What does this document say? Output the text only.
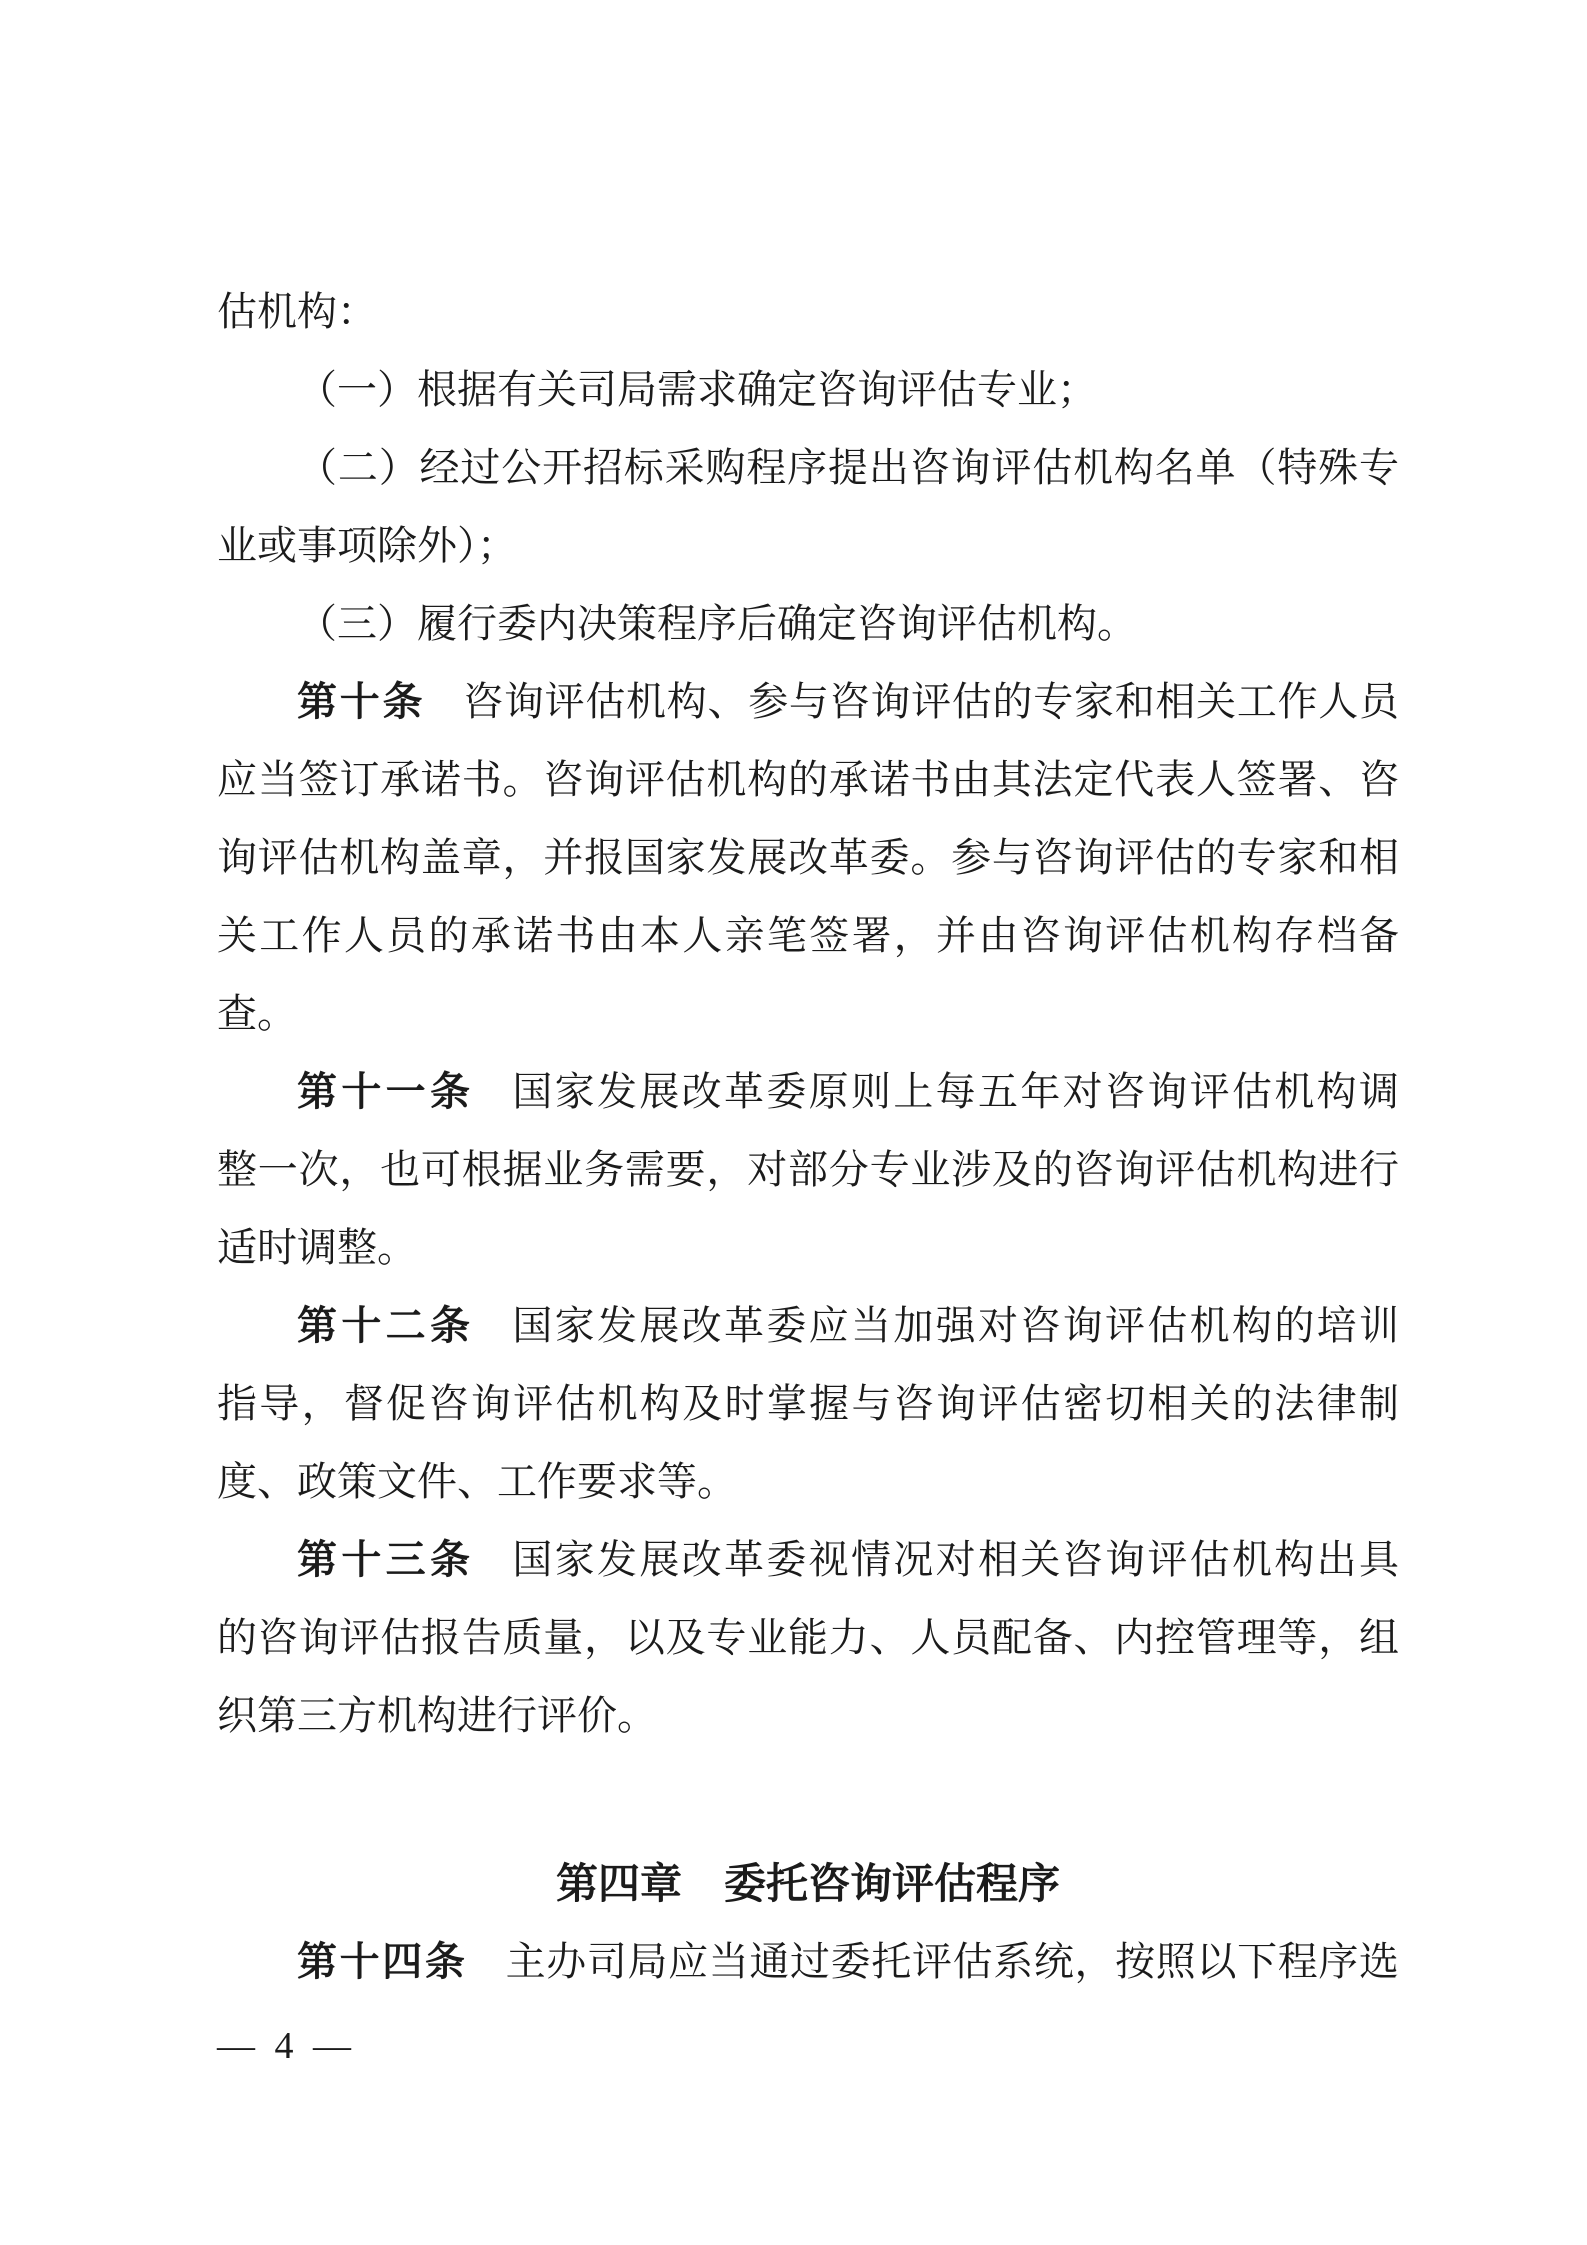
估机构：
（一）根据有关司局需求确定咨询评估专业；
（二）经过公开招标采购程序提出咨询评估机构名单（特殊专
业或事项除外）；
（三）履行委内决策程序后确定咨询评估机构。
第十条 咨询评估机构、参与咨询评估的专家和相关工作人员
应当签订承诺书。咨询评估机构的承诺书由其法定代表人签署、咨
询评估机构盖章，并报国家发展改革委。参与咨询评估的专家和相
关工作人员的承诺书由本人亲笔签署，并由咨询评估机构存档备
查。
第十一条 国家发展改革委原则上每五年对咨询评估机构调
整一次，也可根据业务需要，对部分专业涉及的咨询评估机构进行
适时调整。
第十二条 国家发展改革委应当加强对咨询评估机构的培训
指导，督促咨询评估机构及时掌握与咨询评估密切相关的法律制
度、政策文件、工作要求等。
第十三条 国家发展改革委视情况对相关咨询评估机构出具
的咨询评估报告质量，以及专业能力、人员配备、内控管理等，组
织第三方机构进行评价。
第四章 委托咨询评估程序
第十四条 主办司局应当通过委托评估系统，按照以下程序选
— 4 —
